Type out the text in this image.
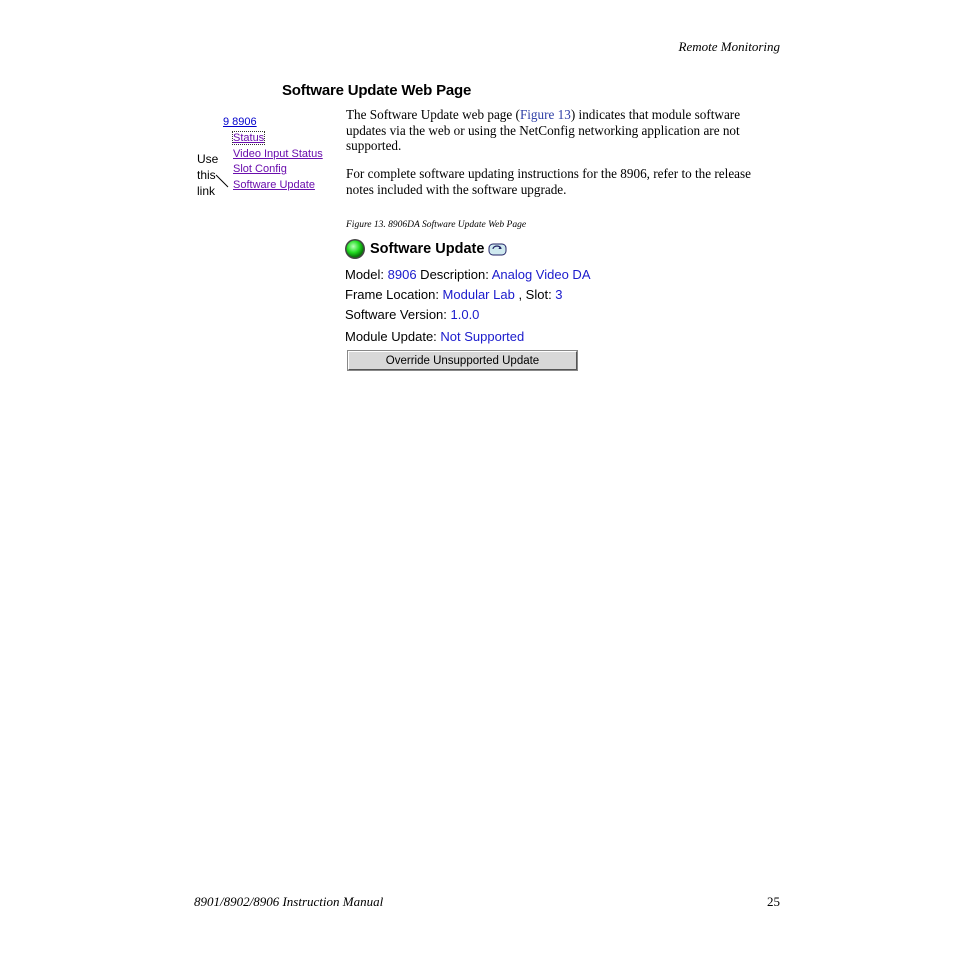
Remote Monitoring
Software Update Web Page
9 8906
Status
Video Input Status
Slot Config
Software Update
Use
this
link
The Software Update web page (Figure 13) indicates that module software updates via the web or using the NetConfig networking application are not supported.
For complete software updating instructions for the 8906, refer to the release notes included with the software upgrade.
Figure 13. 8906DA Software Update Web Page
Software Update
Model: 8906 Description: Analog Video DA
Frame Location: Modular Lab , Slot: 3
Software Version: 1.0.0
Module Update: Not Supported
Override Unsupported Update
8901/8902/8906 Instruction Manual	25
